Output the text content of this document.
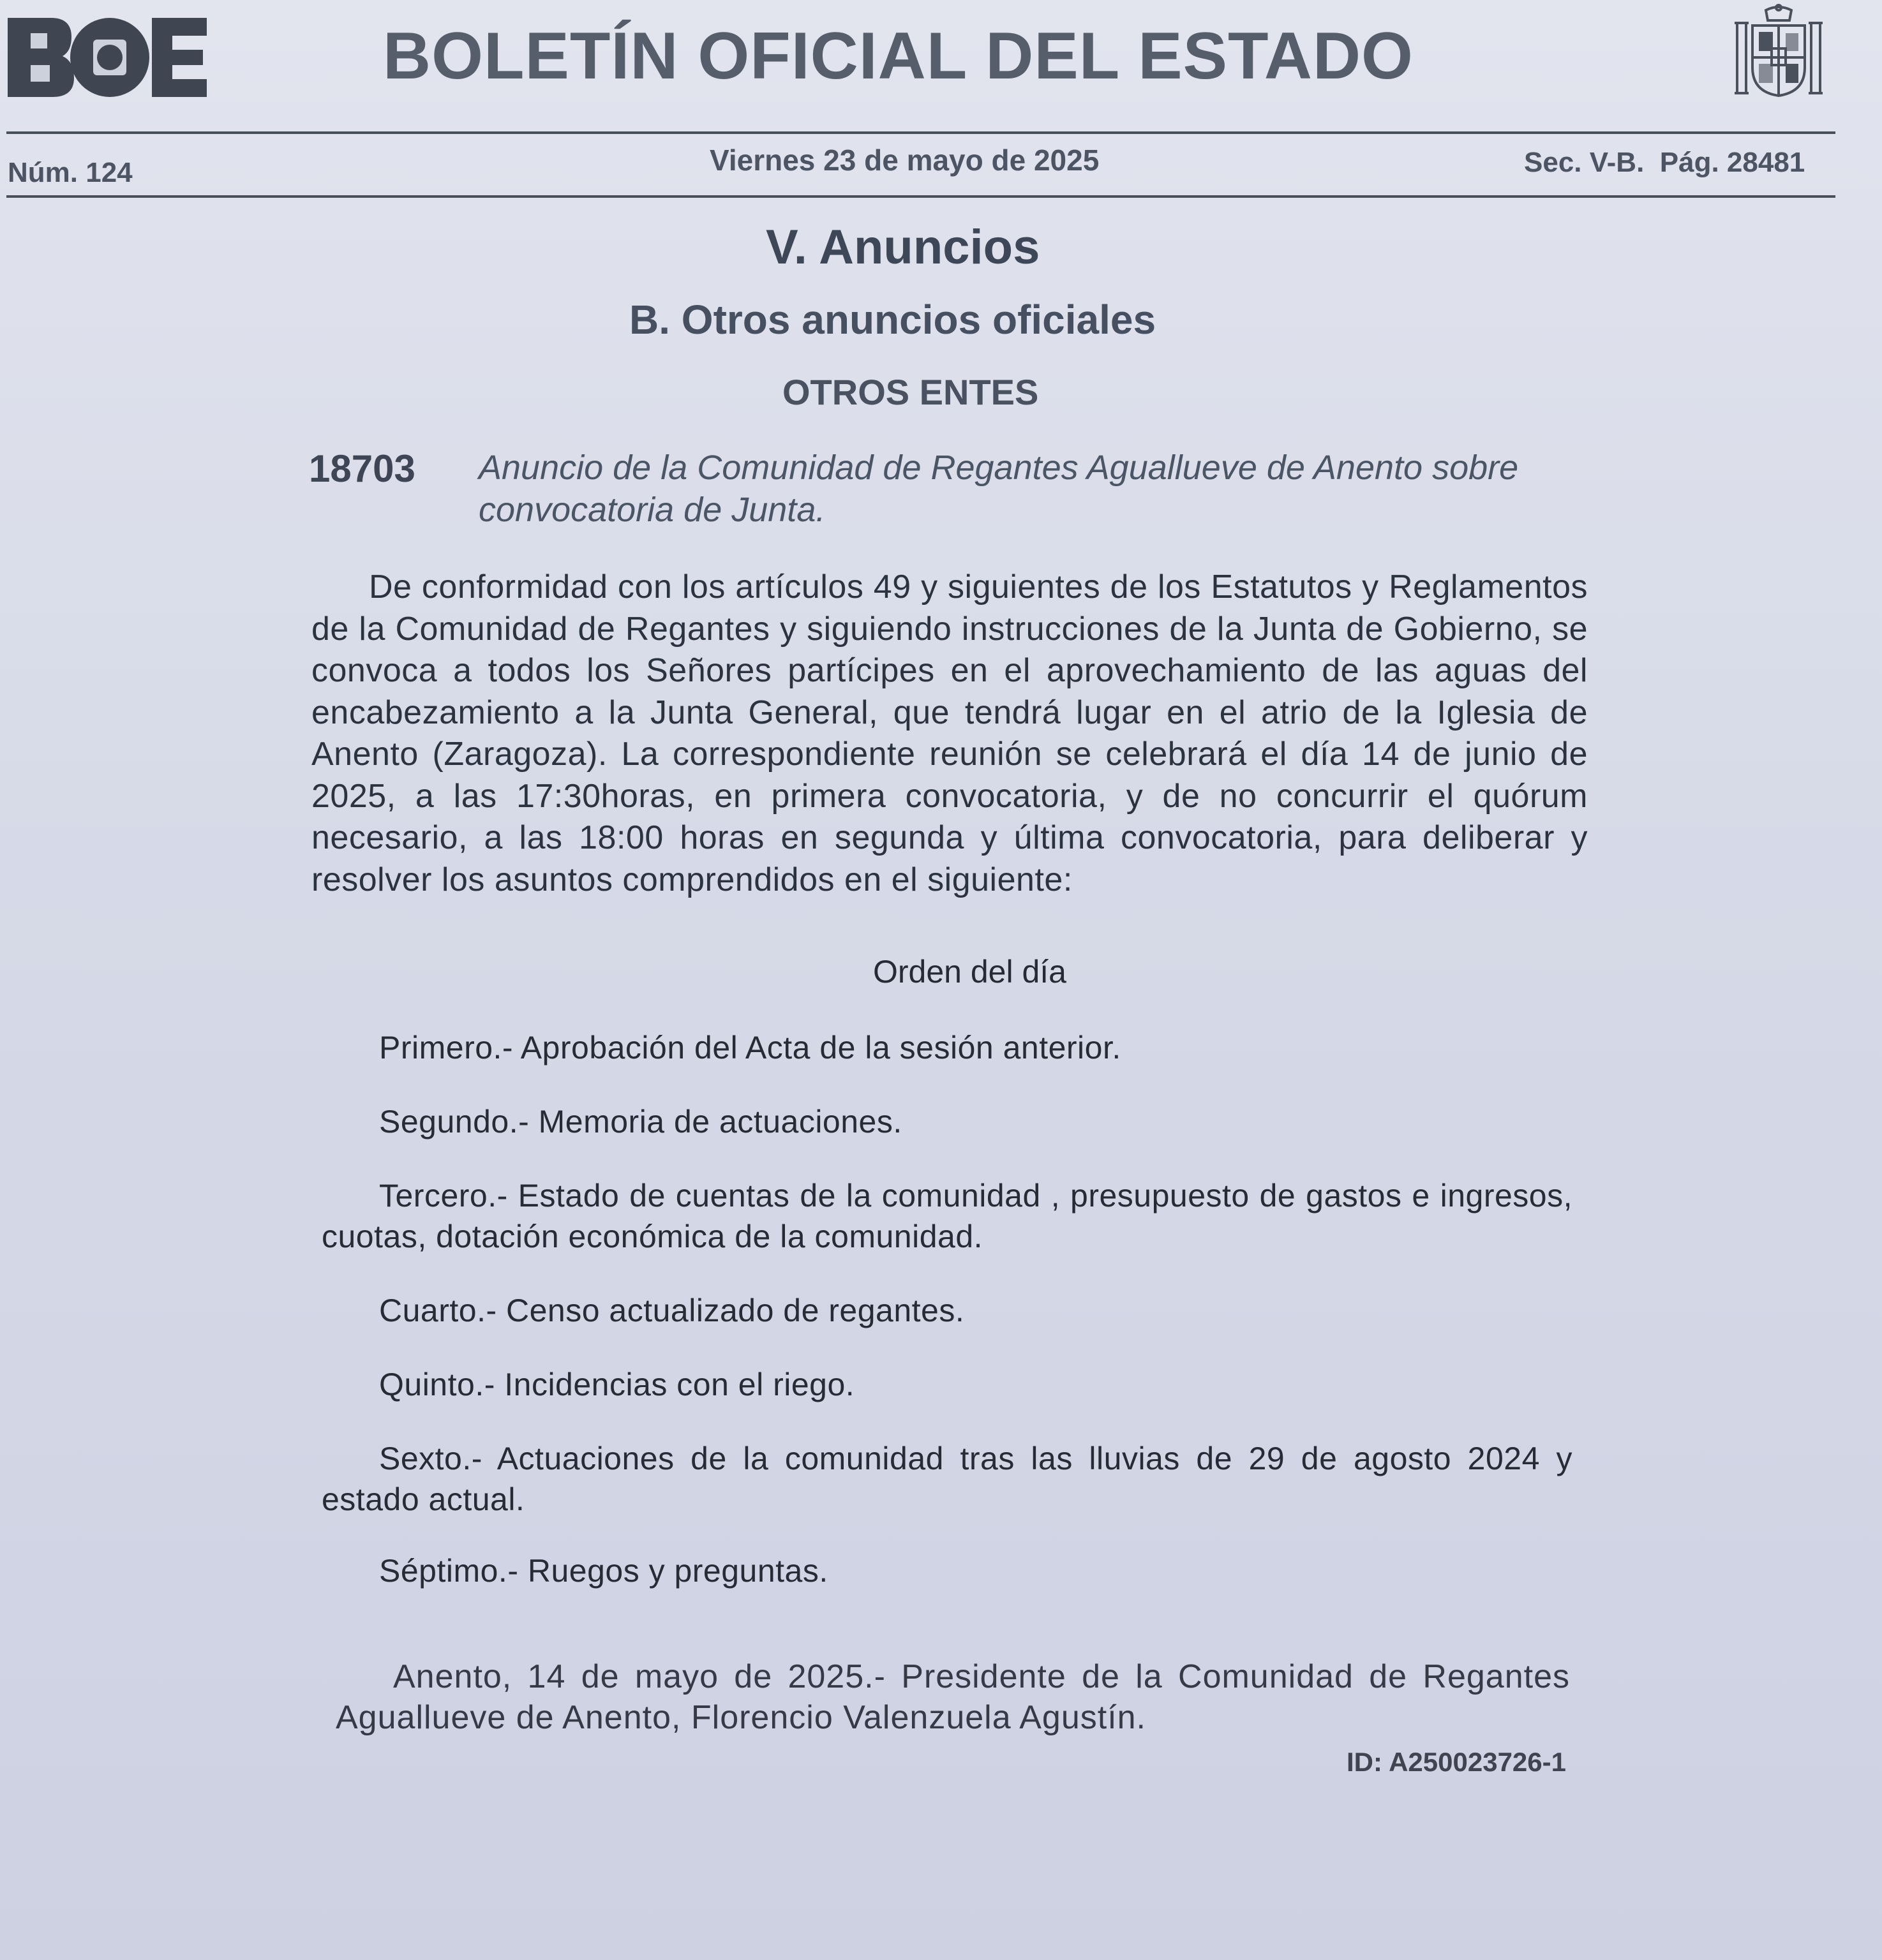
BOLETÍN OFICIAL DEL ESTADO
Núm. 124	Viernes 23 de mayo de 2025	Sec. V-B.  Pág. 28481
V. Anuncios
B. Otros anuncios oficiales
OTROS ENTES
18703 Anuncio de la Comunidad de Regantes Aguallueve de Anento sobre convocatoria de Junta.
De conformidad con los artículos 49 y siguientes de los Estatutos y Reglamentos de la Comunidad de Regantes y siguiendo instrucciones de la Junta de Gobierno, se convoca a todos los Señores partícipes en el aprovechamiento de las aguas del encabezamiento a la Junta General, que tendrá lugar en el atrio de la Iglesia de Anento (Zaragoza). La correspondiente reunión se celebrará el día 14 de junio de 2025, a las 17:30horas, en primera convocatoria, y de no concurrir el quórum necesario, a las 18:00 horas en segunda y última convocatoria, para deliberar y resolver los asuntos comprendidos en el siguiente:
Orden del día
Primero.- Aprobación del Acta de la sesión anterior.
Segundo.- Memoria de actuaciones.
Tercero.- Estado de cuentas de la comunidad , presupuesto de gastos e ingresos, cuotas, dotación económica de la comunidad.
Cuarto.- Censo actualizado de regantes.
Quinto.- Incidencias con el riego.
Sexto.- Actuaciones de la comunidad tras las lluvias de 29 de agosto 2024 y estado actual.
Séptimo.- Ruegos y preguntas.
Anento, 14 de mayo de 2025.- Presidente de la Comunidad de Regantes Aguallueve de Anento, Florencio Valenzuela Agustín.
ID: A250023726-1
